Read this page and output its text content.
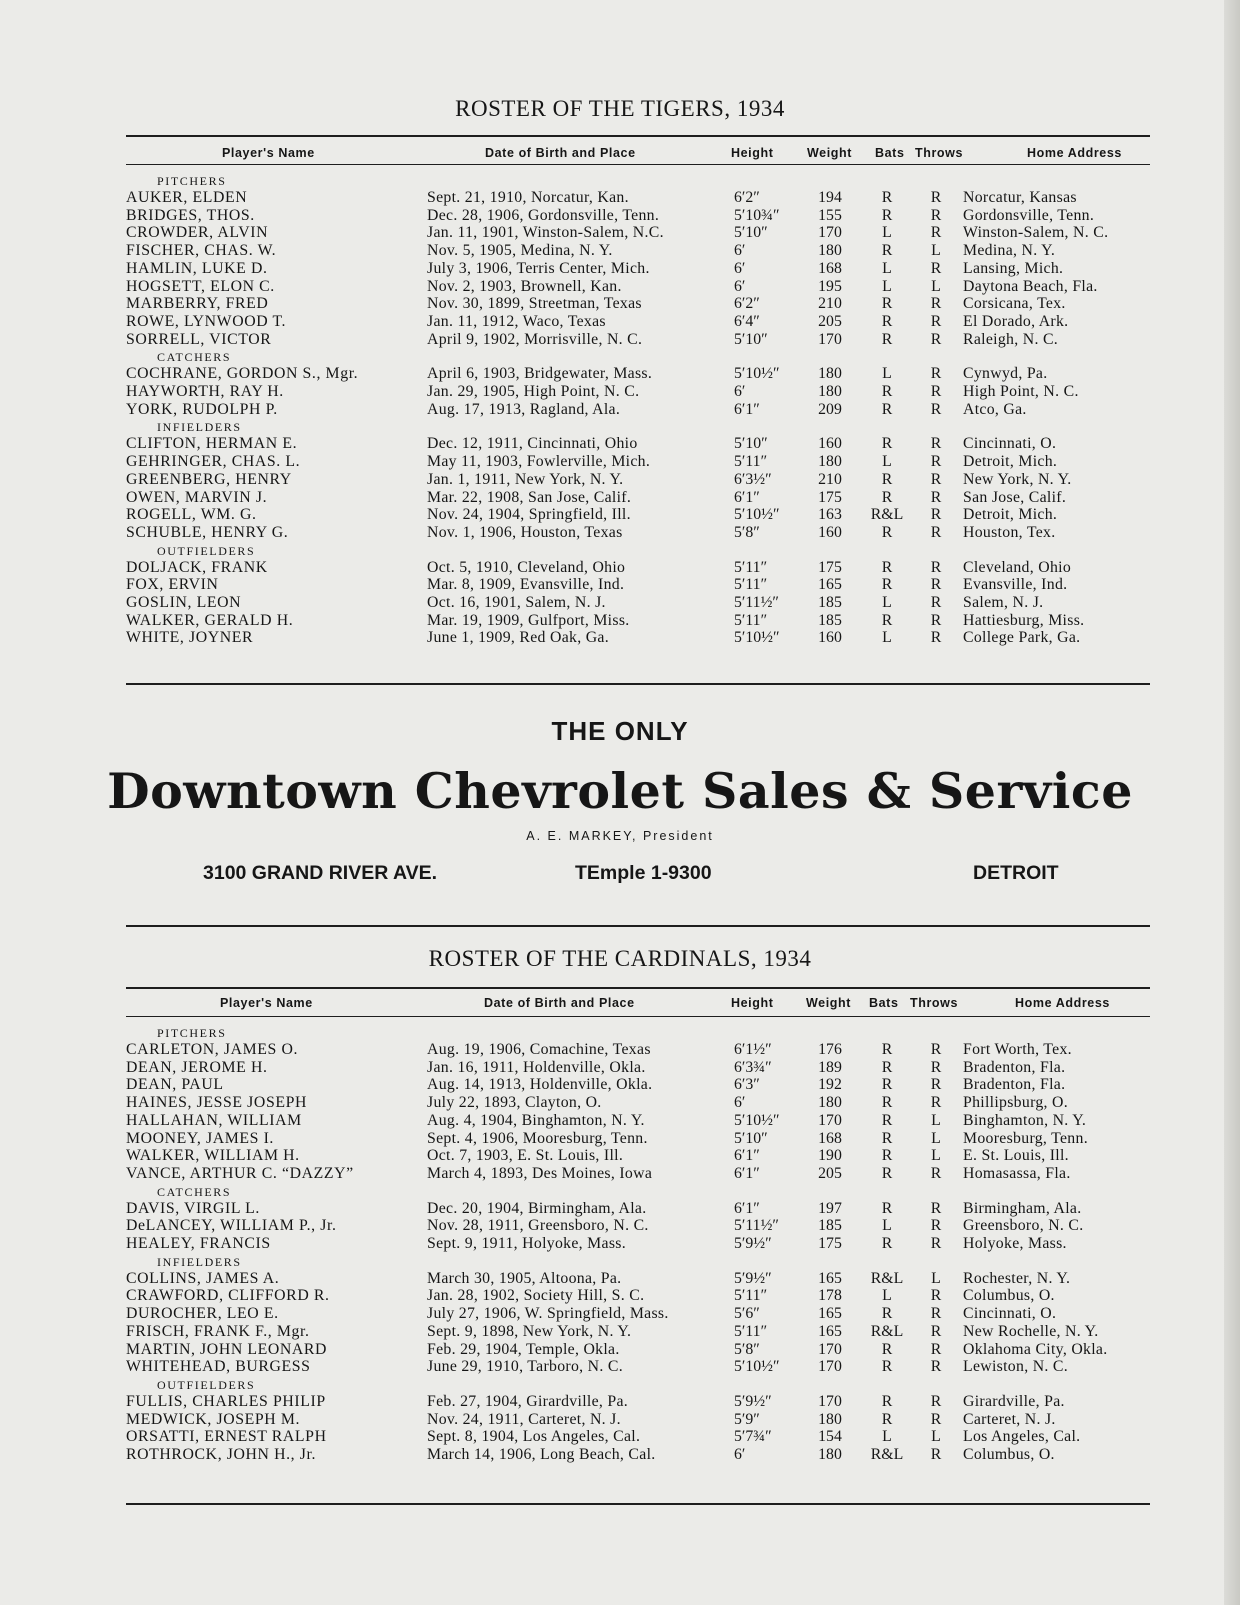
ROSTER OF THE TIGERS, 1934
Player's Name	Date of Birth and Place	Height	Weight Bats Throws	Home Address
PITCHERS
AUKER, ELDEN	Sept. 21, 1910, Norcatur, Kan.	6′2″	194	R	R	Norcatur, Kansas
BRIDGES, THOS.	Dec. 28, 1906, Gordonsville, Tenn.	5′10¾″	155	R	R	Gordonsville, Tenn.
CROWDER, ALVIN	Jan. 11, 1901, Winston-Salem, N.C.	5′10″	170	L	R	Winston-Salem, N. C.
FISCHER, CHAS. W.	Nov. 5, 1905, Medina, N. Y.	6′	180	R	L	Medina, N. Y.
HAMLIN, LUKE D.	July 3, 1906, Terris Center, Mich.	6′	168	L	R	Lansing, Mich.
HOGSETT, ELON C.	Nov. 2, 1903, Brownell, Kan.	6′	195	L	L	Daytona Beach, Fla.
MARBERRY, FRED	Nov. 30, 1899, Streetman, Texas	6′2″	210	R	R	Corsicana, Tex.
ROWE, LYNWOOD T.	Jan. 11, 1912, Waco, Texas	6′4″	205	R	R	El Dorado, Ark.
SORRELL, VICTOR	April 9, 1902, Morrisville, N. C.	5′10″	170	R	R	Raleigh, N. C.
CATCHERS
COCHRANE, GORDON S., Mgr.	April 6, 1903, Bridgewater, Mass.	5′10½″	180	L	R	Cynwyd, Pa.
HAYWORTH, RAY H.	Jan. 29, 1905, High Point, N. C.	6′	180	R	R	High Point, N. C.
YORK, RUDOLPH P.	Aug. 17, 1913, Ragland, Ala.	6′1″	209	R	R	Atco, Ga.
INFIELDERS
CLIFTON, HERMAN E.	Dec. 12, 1911, Cincinnati, Ohio	5′10″	160	R	R	Cincinnati, O.
GEHRINGER, CHAS. L.	May 11, 1903, Fowlerville, Mich.	5′11″	180	L	R	Detroit, Mich.
GREENBERG, HENRY	Jan. 1, 1911, New York, N. Y.	6′3½″	210	R	R	New York, N. Y.
OWEN, MARVIN J.	Mar. 22, 1908, San Jose, Calif.	6′1″	175	R	R	San Jose, Calif.
ROGELL, WM. G.	Nov. 24, 1904, Springfield, Ill.	5′10½″	163	R&L	R	Detroit, Mich.
SCHUBLE, HENRY G.	Nov. 1, 1906, Houston, Texas	5′8″	160	R	R	Houston, Tex.
OUTFIELDERS
DOLJACK, FRANK	Oct. 5, 1910, Cleveland, Ohio	5′11″	175	R	R	Cleveland, Ohio
FOX, ERVIN	Mar. 8, 1909, Evansville, Ind.	5′11″	165	R	R	Evansville, Ind.
GOSLIN, LEON	Oct. 16, 1901, Salem, N. J.	5′11½″	185	L	R	Salem, N. J.
WALKER, GERALD H.	Mar. 19, 1909, Gulfport, Miss.	5′11″	185	R	R	Hattiesburg, Miss.
WHITE, JOYNER	June 1, 1909, Red Oak, Ga.	5′10½″	160	L	R	College Park, Ga.
THE ONLY
Downtown Chevrolet Sales & Service
A. E. MARKEY, President
3100 GRAND RIVER AVE.	TEmple 1-9300	DETROIT
ROSTER OF THE CARDINALS, 1934
Player's Name	Date of Birth and Place	Height	Weight Bats Throws	Home Address
PITCHERS
CARLETON, JAMES O.	Aug. 19, 1906, Comachine, Texas	6′1½″	176	R	R	Fort Worth, Tex.
DEAN, JEROME H.	Jan. 16, 1911, Holdenville, Okla.	6′3¾″	189	R	R	Bradenton, Fla.
DEAN, PAUL	Aug. 14, 1913, Holdenville, Okla.	6′3″	192	R	R	Bradenton, Fla.
HAINES, JESSE JOSEPH	July 22, 1893, Clayton, O.	6′	180	R	R	Phillipsburg, O.
HALLAHAN, WILLIAM	Aug. 4, 1904, Binghamton, N. Y.	5′10½″	170	R	L	Binghamton, N. Y.
MOONEY, JAMES I.	Sept. 4, 1906, Mooresburg, Tenn.	5′10″	168	R	L	Mooresburg, Tenn.
WALKER, WILLIAM H.	Oct. 7, 1903, E. St. Louis, Ill.	6′1″	190	R	L	E. St. Louis, Ill.
VANCE, ARTHUR C. “DAZZY”	March 4, 1893, Des Moines, Iowa	6′1″	205	R	R	Homasassa, Fla.
CATCHERS
DAVIS, VIRGIL L.	Dec. 20, 1904, Birmingham, Ala.	6′1″	197	R	R	Birmingham, Ala.
DeLANCEY, WILLIAM P., Jr.	Nov. 28, 1911, Greensboro, N. C.	5′11½″	185	L	R	Greensboro, N. C.
HEALEY, FRANCIS	Sept. 9, 1911, Holyoke, Mass.	5′9½″	175	R	R	Holyoke, Mass.
INFIELDERS
COLLINS, JAMES A.	March 30, 1905, Altoona, Pa.	5′9½″	165	R&L	L	Rochester, N. Y.
CRAWFORD, CLIFFORD R.	Jan. 28, 1902, Society Hill, S. C.	5′11″	178	L	R	Columbus, O.
DUROCHER, LEO E.	July 27, 1906, W. Springfield, Mass.	5′6″	165	R	R	Cincinnati, O.
FRISCH, FRANK F., Mgr.	Sept. 9, 1898, New York, N. Y.	5′11″	165	R&L	R	New Rochelle, N. Y.
MARTIN, JOHN LEONARD	Feb. 29, 1904, Temple, Okla.	5′8″	170	R	R	Oklahoma City, Okla.
WHITEHEAD, BURGESS	June 29, 1910, Tarboro, N. C.	5′10½″	170	R	R	Lewiston, N. C.
OUTFIELDERS
FULLIS, CHARLES PHILIP	Feb. 27, 1904, Girardville, Pa.	5′9½″	170	R	R	Girardville, Pa.
MEDWICK, JOSEPH M.	Nov. 24, 1911, Carteret, N. J.	5′9″	180	R	R	Carteret, N. J.
ORSATTI, ERNEST RALPH	Sept. 8, 1904, Los Angeles, Cal.	5′7¾″	154	L	L	Los Angeles, Cal.
ROTHROCK, JOHN H., Jr.	March 14, 1906, Long Beach, Cal.	6′	180	R&L	R	Columbus, O.
